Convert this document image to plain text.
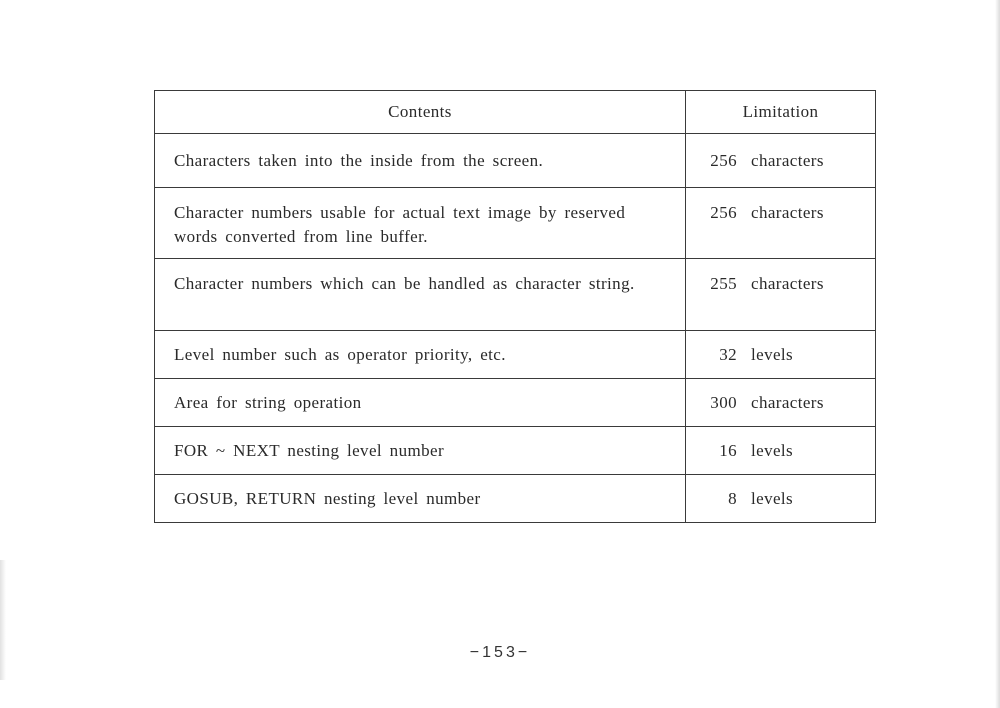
Contents	Limitation
Characters taken into the inside from the screen.	256 characters

Character numbers usable for actual text image by reserved words converted from line buffer.	256 characters

Character numbers which can be handled as character string.	255 characters

Level number such as operator priority, etc.	32 levels

Area for string operation	300 characters

FOR ~ NEXT nesting level number	16 levels

GOSUB, RETURN nesting level number	8 levels
−153−
